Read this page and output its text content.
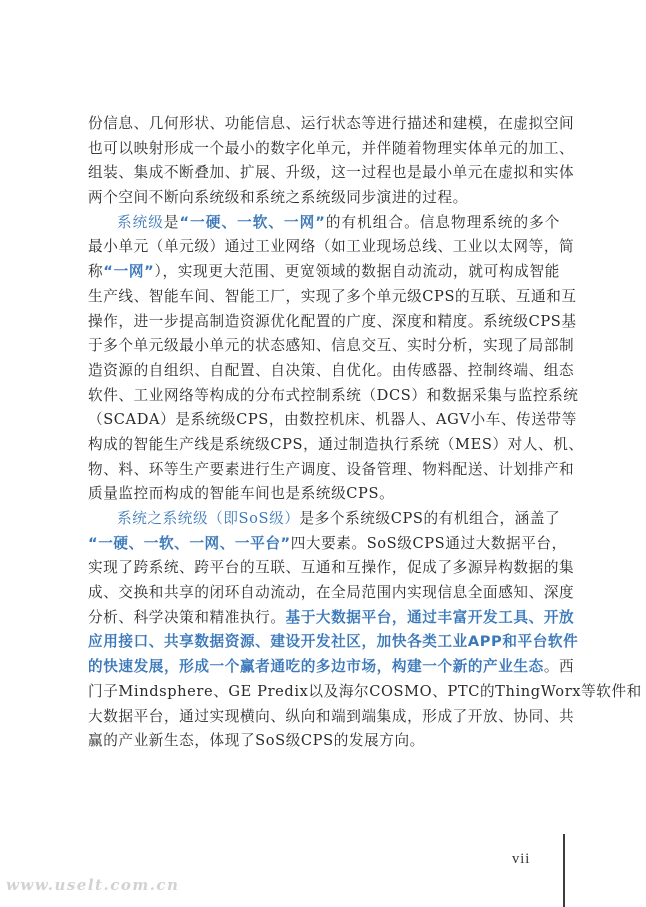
份信息、几何形状、功能信息、运行状态等进行描述和建模，在虚拟空间
也可以映射形成一个最小的数字化单元，并伴随着物理实体单元的加工、
组装、集成不断叠加、扩展、升级，这一过程也是最小单元在虚拟和实体
两个空间不断向系统级和系统之系统级同步演进的过程。
系统级是“一硬、一软、一网”的有机组合。信息物理系统的多个
最小单元（单元级）通过工业网络（如工业现场总线、工业以太网等，简
称“一网”），实现更大范围、更宽领域的数据自动流动，就可构成智能
生产线、智能车间、智能工厂，实现了多个单元级CPS的互联、互通和互
操作，进一步提高制造资源优化配置的广度、深度和精度。系统级CPS基
于多个单元级最小单元的状态感知、信息交互、实时分析，实现了局部制
造资源的自组织、自配置、自决策、自优化。由传感器、控制终端、组态
软件、工业网络等构成的分布式控制系统（DCS）和数据采集与监控系统
（SCADA）是系统级CPS，由数控机床、机器人、AGV小车、传送带等
构成的智能生产线是系统级CPS，通过制造执行系统（MES）对人、机、
物、料、环等生产要素进行生产调度、设备管理、物料配送、计划排产和
质量监控而构成的智能车间也是系统级CPS。
系统之系统级（即SoS级）是多个系统级CPS的有机组合，涵盖了
“一硬、一软、一网、一平台”四大要素。SoS级CPS通过大数据平台，
实现了跨系统、跨平台的互联、互通和互操作，促成了多源异构数据的集
成、交换和共享的闭环自动流动，在全局范围内实现信息全面感知、深度
分析、科学决策和精准执行。基于大数据平台，通过丰富开发工具、开放
应用接口、共享数据资源、建设开发社区，加快各类工业APP和平台软件
的快速发展，形成一个赢者通吃的多边市场，构建一个新的产业生态。西
门子Mindsphere、GE Predix以及海尔COSMO、PTC的ThingWorx等软件和
大数据平台，通过实现横向、纵向和端到端集成，形成了开放、协同、共
赢的产业新生态，体现了SoS级CPS的发展方向。
vii
www.uselt.com.cn
